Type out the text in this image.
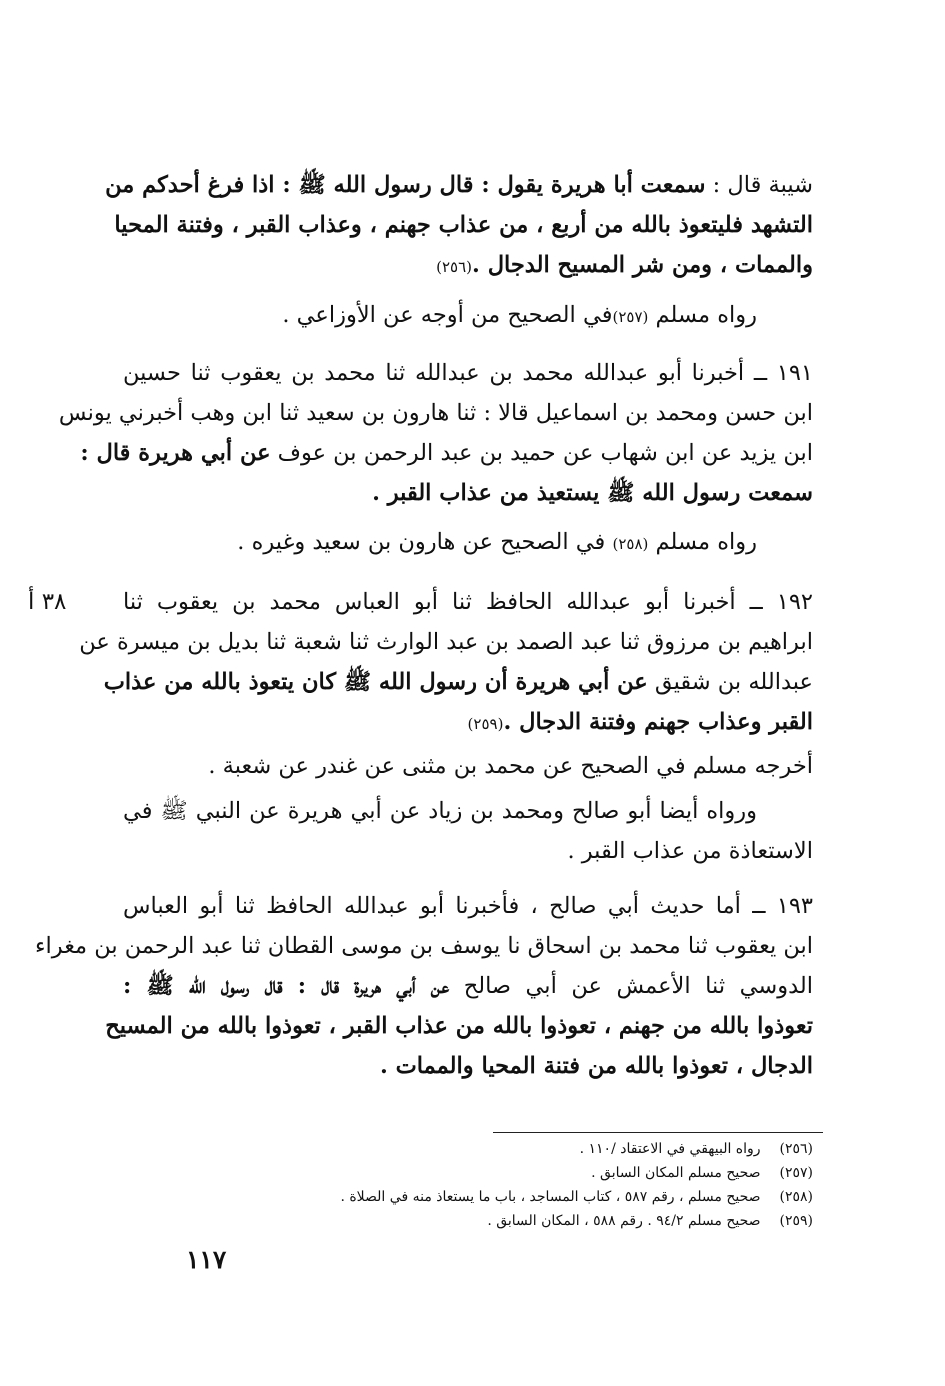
٣٨ أ
شيبة قال : سمعت أبا هريرة يقول : قال رسول الله ﷺ : اذا فرغ أحدكم من
التشهد فليتعوذ بالله من أربع ، من عذاب جهنم ، وعذاب القبر ، وفتنة المحيا
والممات ، ومن شر المسيح الدجال .(٢٥٦)
رواه مسلم (٢٥٧)في الصحيح من أوجه عن الأوزاعي .
١٩١ ــ أخبرنا أبو عبدالله محمد بن عبدالله ثنا محمد بن يعقوب ثنا حسين
ابن حسن ومحمد بن اسماعيل قالا : ثنا هارون بن سعيد ثنا ابن وهب أخبرني يونس
ابن يزيد عن ابن شهاب عن حميد بن عبد الرحمن بن عوف عن أبي هريرة قال :
سمعت رسول الله ﷺ يستعيذ من عذاب القبر .
رواه مسلم (٢٥٨) في الصحيح عن هارون بن سعيد وغيره .
١٩٢ ــ أخبرنا أبو عبدالله الحافظ ثنا أبو العباس محمد بن يعقوب ثنا
ابراهيم بن مرزوق ثنا عبد الصمد بن عبد الوارث ثنا شعبة ثنا بديل بن ميسرة عن
عبدالله بن شقيق عن أبي هريرة أن رسول الله ﷺ كان يتعوذ بالله من عذاب
القبر وعذاب جهنم وفتنة الدجال .(٢٥٩)
أخرجه مسلم في الصحيح عن محمد بن مثنى عن غندر عن شعبة .
ورواه أيضا أبو صالح ومحمد بن زياد عن أبي هريرة عن النبي ﷺ في
الاستعاذة من عذاب القبر .
١٩٣ ــ أما حديث أبي صالح ، فأخبرنا أبو عبدالله الحافظ ثنا أبو العباس
ابن يعقوب ثنا محمد بن اسحاق نا يوسف بن موسى القطان ثنا عبد الرحمن بن مغراء
الدوسي ثنا الأعمش عن أبي صالح عن أبي هريرة قال : قال رسول الله ﷺ :
تعوذوا بالله من جهنم ، تعوذوا بالله من عذاب القبر ، تعوذوا بالله من المسيح
الدجال ، تعوذوا بالله من فتنة المحيا والممات .
(٢٥٦) رواه البيهقي في الاعتقاد /١١٠ .
(٢٥٧) صحيح مسلم المكان السابق .
(٢٥٨) صحيح مسلم ، رقم ٥٨٧ ، كتاب المساجد ، باب ما يستعاذ منه في الصلاة .
(٢٥٩) صحيح مسلم ٩٤/٢ . رقم ٥٨٨ ، المكان السابق .
١١٧
